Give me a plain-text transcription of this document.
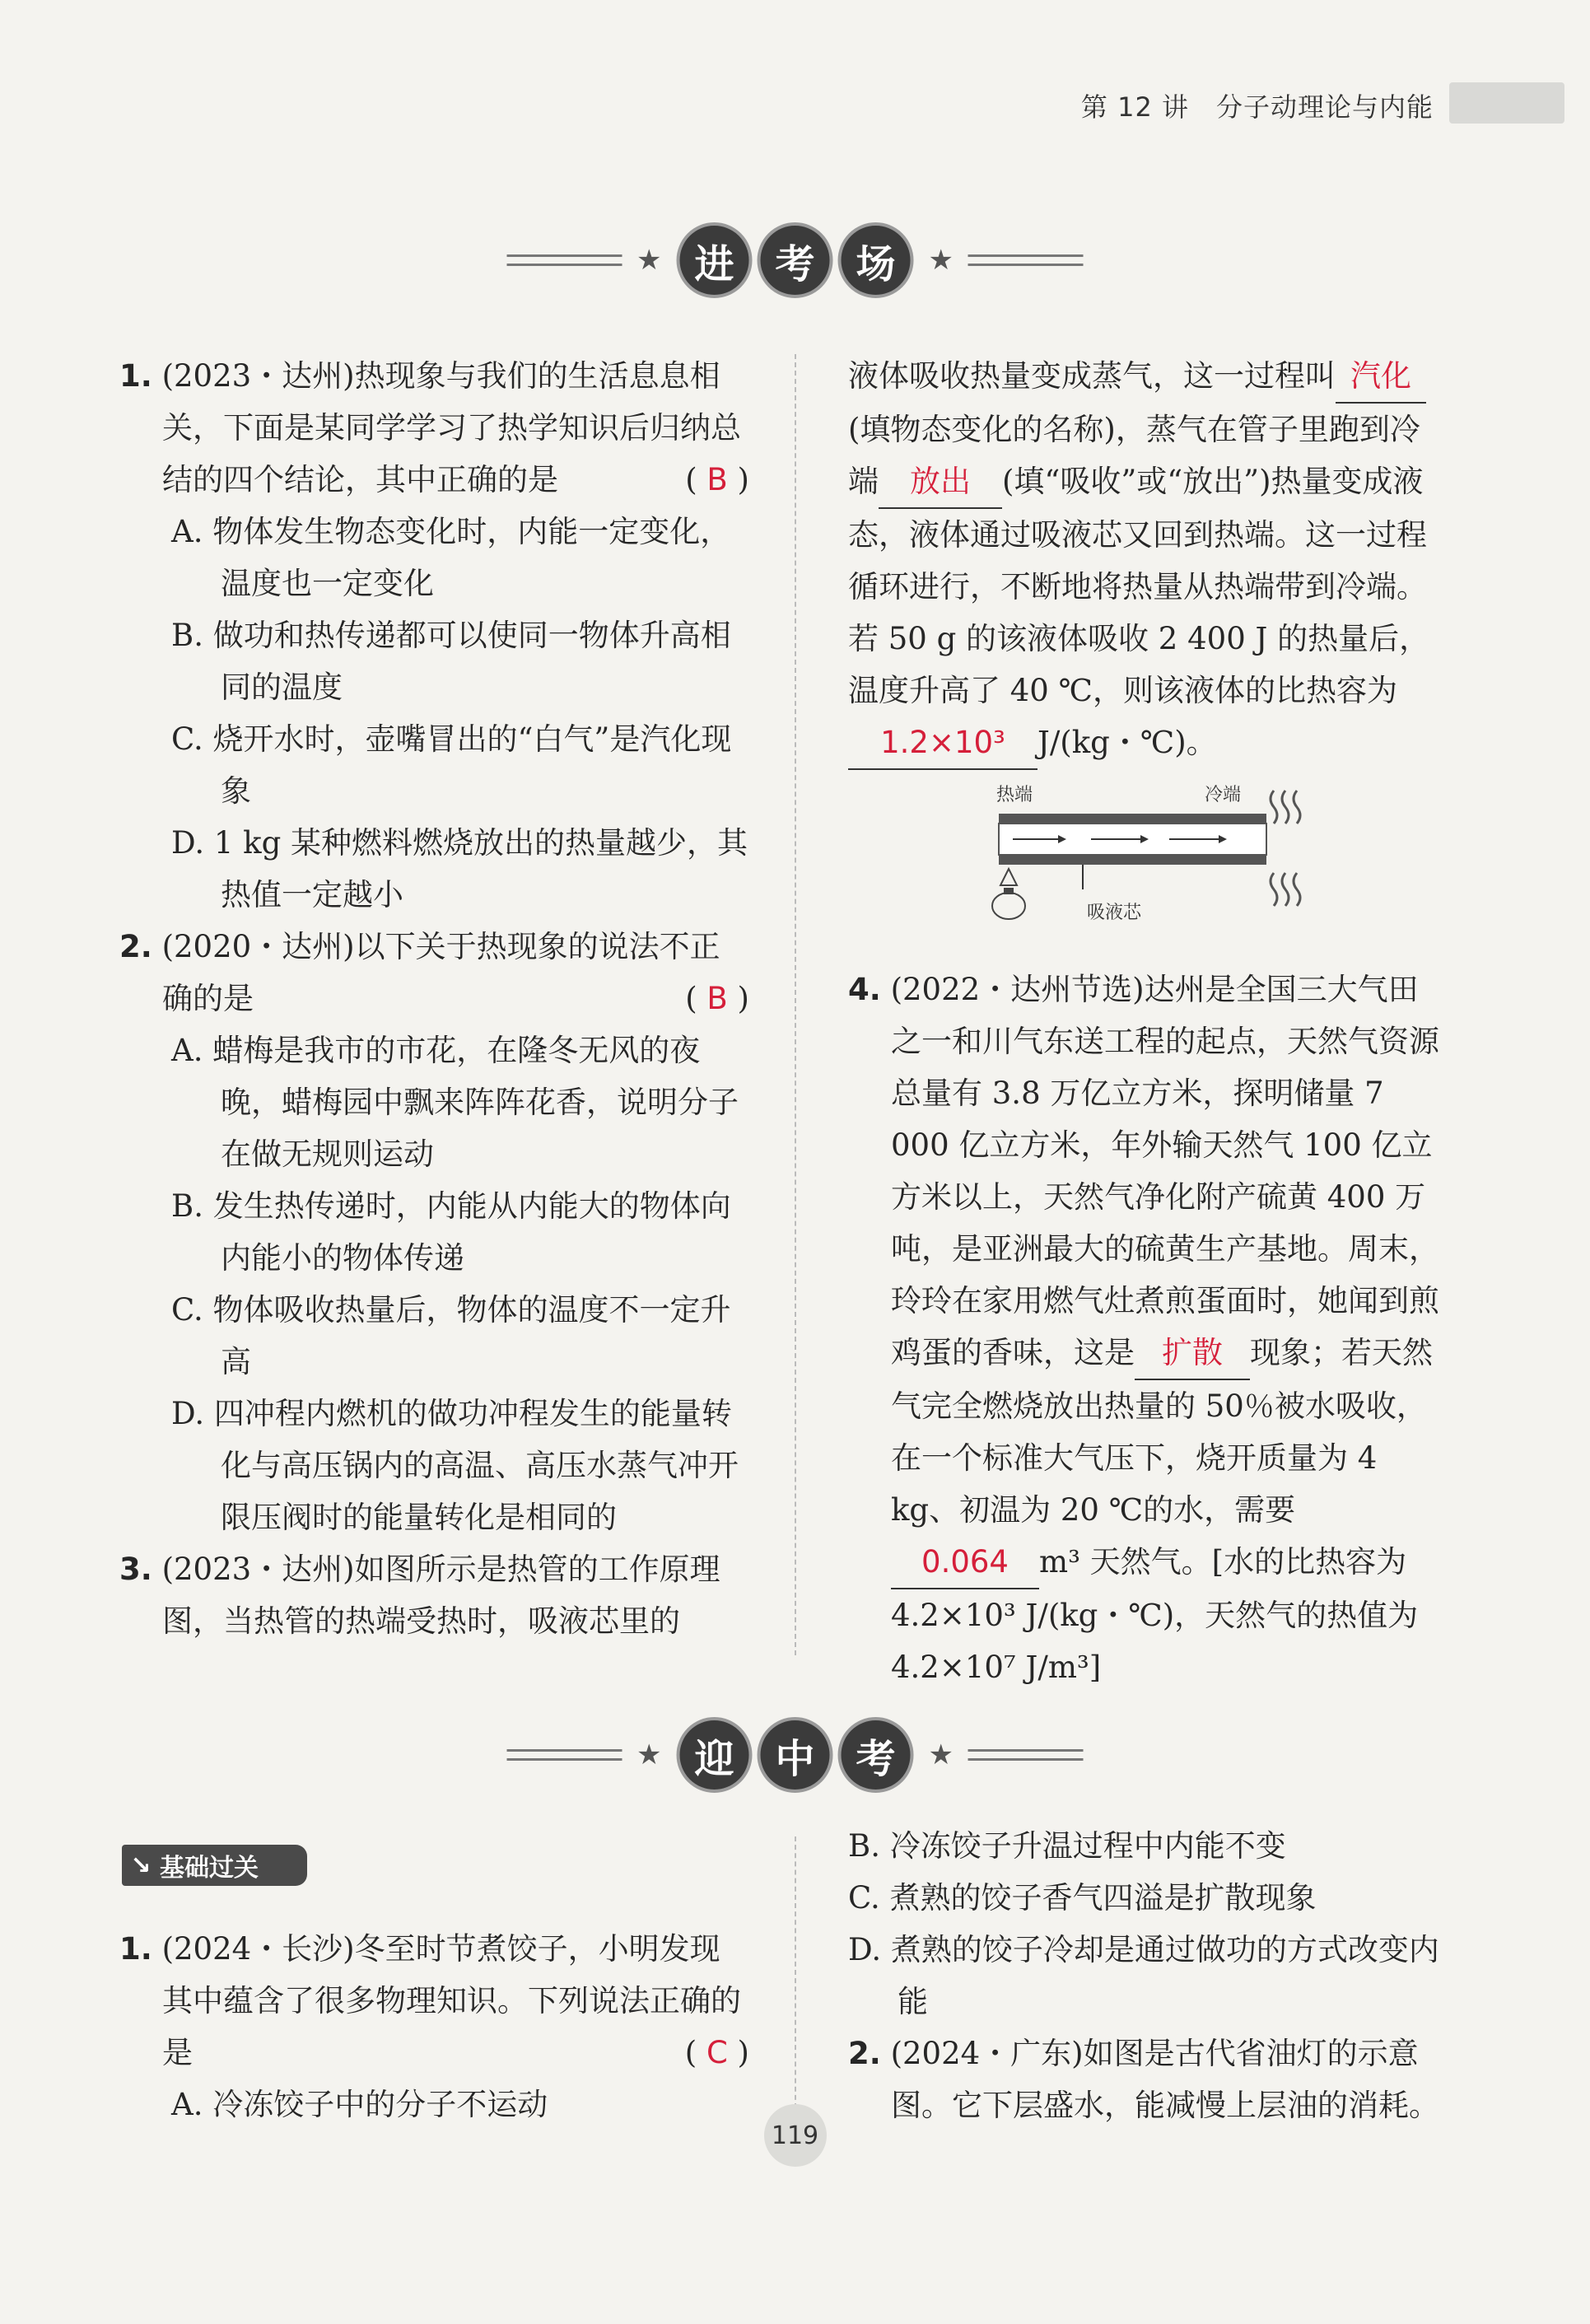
第 12 讲　分子动理论与内能
★ 进	考	场	★

1. (2023・达州)热现象与我们的生活息息相关，下面是某同学学习了热学知识后归纳总结的四个结论，其中正确的是	( B )

A. 物体发生物态变化时，内能一定变化，温度也一定变化

B. 做功和热传递都可以使同一物体升高相同的温度

C. 烧开水时，壶嘴冒出的“白气”是汽化现象

D. 1 kg 某种燃料燃烧放出的热量越少，其热值一定越小

2. (2020・达州)以下关于热现象的说法不正确的是	( B )

A. 蜡梅是我市的市花，在隆冬无风的夜晚，蜡梅园中飘来阵阵花香，说明分子在做无规则运动

B. 发生热传递时，内能从内能大的物体向内能小的物体传递

C. 物体吸收热量后，物体的温度不一定升高

D. 四冲程内燃机的做功冲程发生的能量转化与高压锅内的高温、高压水蒸气冲开限压阀时的能量转化是相同的

3. (2023・达州)如图所示是热管的工作原理图，当热管的热端受热时，吸液芯里的

液体吸收热量变成蒸气，这一过程叫 汽化(填物态变化的名称)，蒸气在管子里跑到冷端 放出 (填“吸收”或“放出”)热量变成液态，液体通过吸液芯又回到热端。这一过程循环进行，不断地将热量从热端带到冷端。若 50 g 的该液体吸收 2 400 J 的热量后，温度升高了 40 ℃，则该液体的比热容为1.2×10³ J/(kg・℃)。

热端	冷端
吸液芯

4. (2022・达州节选)达州是全国三大气田之一和川气东送工程的起点，天然气资源总量有 3.8 万亿立方米，探明储量 7 000 亿立方米，年外输天然气 100 亿立方米以上，天然气净化附产硫黄 400 万吨，是亚洲最大的硫黄生产基地。周末，玲玲在家用燃气灶煮煎蛋面时，她闻到煎鸡蛋的香味，这是 扩散 现象；若天然气完全燃烧放出热量的 50％被水吸收，在一个标准大气压下，烧开质量为 4 kg、初温为 20 ℃的水，需要0.064 m³ 天然气。[水的比热容为 4.2×10³ J/(kg・℃)，天然气的热值为 4.2×10⁷ J/m³]

★ 迎	中	考	★
↘ 基础过关

1. (2024・长沙)冬至时节煮饺子，小明发现其中蕴含了很多物理知识。下列说法正确的是	( C )

A. 冷冻饺子中的分子不运动

B. 冷冻饺子升温过程中内能不变

C. 煮熟的饺子香气四溢是扩散现象

D. 煮熟的饺子冷却是通过做功的方式改变内能

2. (2024・广东)如图是古代省油灯的示意图。它下层盛水，能减慢上层油的消耗。

119
